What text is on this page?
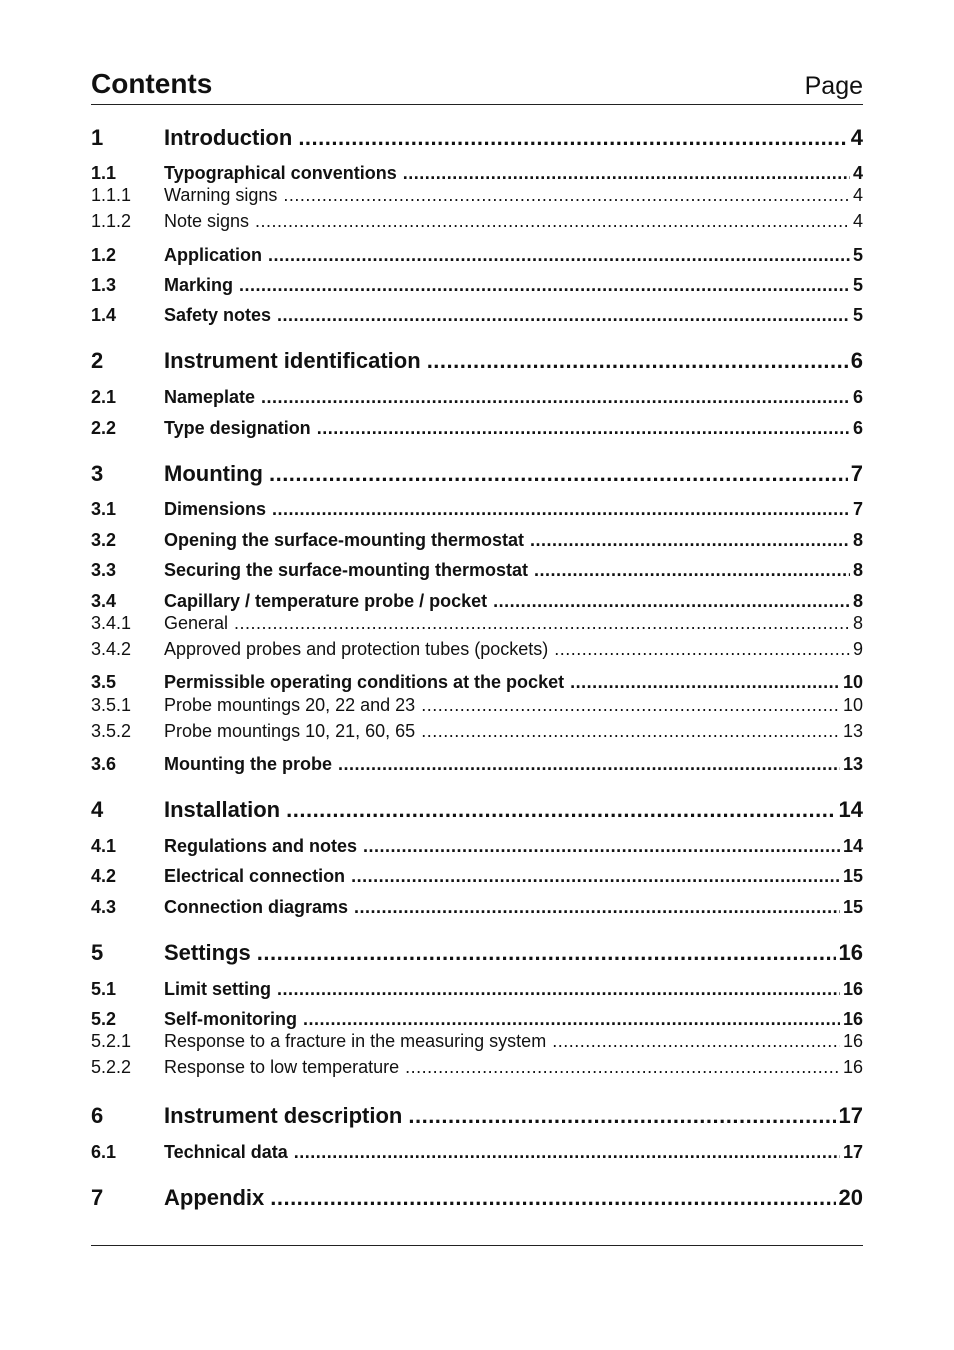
Contents	Page
1	Introduction .....	4
1.1	Typographical conventions .....	4
1.1.1 Warning signs .....	4
1.1.2 Note signs .....	4
1.2	Application .....	5
1.3	Marking .....	5
1.4	Safety notes .....	5
2	Instrument identification .....	6
2.1	Nameplate .....	6
2.2	Type designation .....	6
3	Mounting .....	7
3.1	Dimensions .....	7
3.2	Opening the surface-mounting thermostat .....	8
3.3	Securing the surface-mounting thermostat .....	8
3.4	Capillary / temperature probe / pocket .....	8
3.4.1 General .....	8
3.4.2 Approved probes and protection tubes (pockets) .....	9
3.5	Permissible operating conditions at the pocket .....	10
3.5.1 Probe mountings 20, 22 and 23 .....	10
3.5.2 Probe mountings 10, 21, 60, 65 .....	13
3.6	Mounting the probe .....	13
4	Installation .....	14
4.1	Regulations and notes .....	14
4.2	Electrical connection .....	15
4.3	Connection diagrams .....	15
5	Settings .....	16
5.1	Limit setting .....	16
5.2	Self-monitoring .....	16
5.2.1 Response to a fracture in the measuring system .....	16
5.2.2 Response to low temperature .....	16
6	Instrument description .....	17
6.1	Technical data .....	17
7	Appendix .....	20
